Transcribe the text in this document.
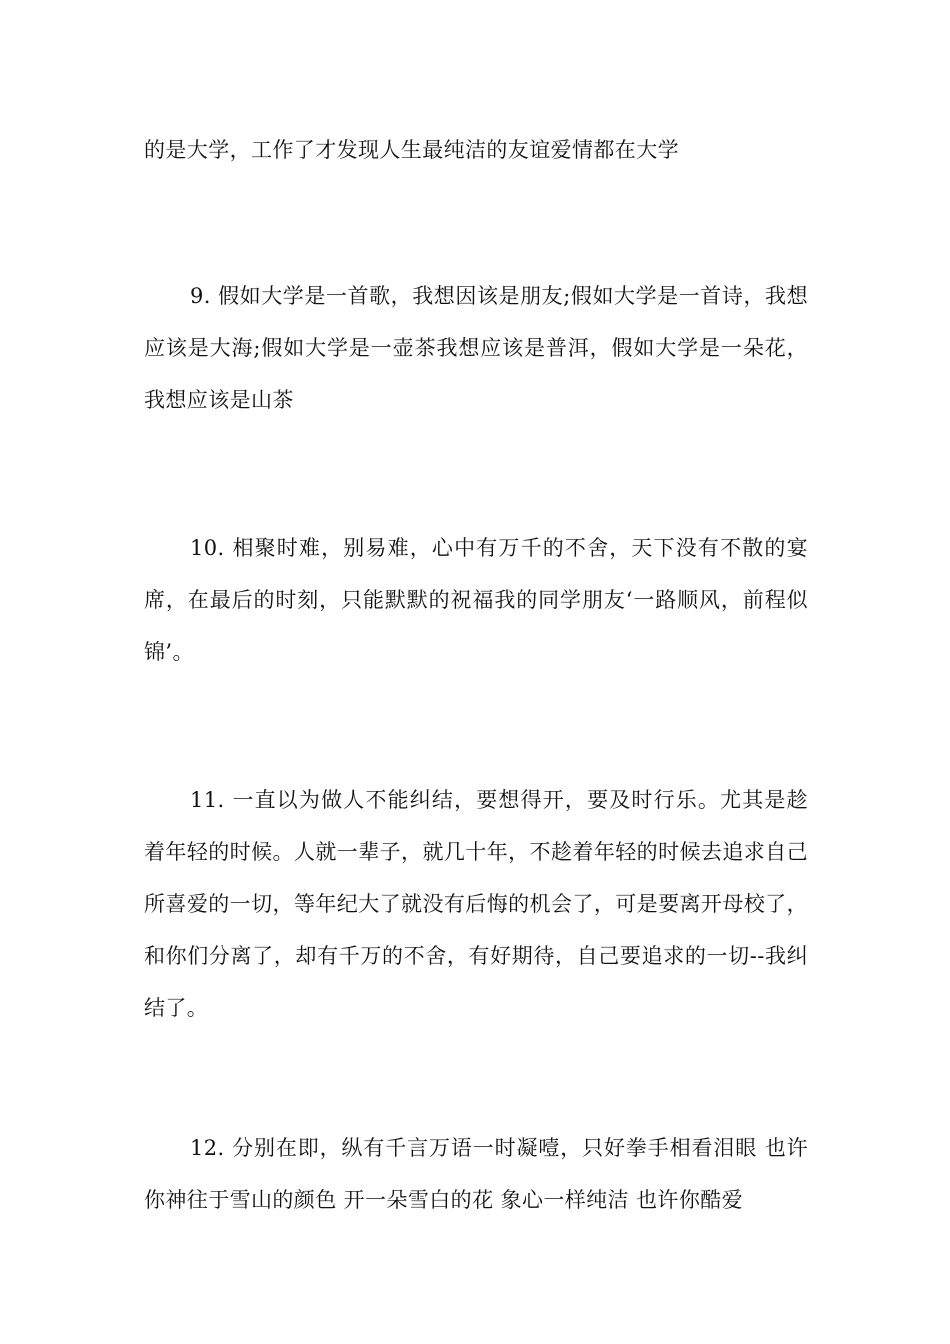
的是大学，工作了才发现人生最纯洁的友谊爱情都在大学

9. 假如大学是一首歌，我想因该是朋友;假如大学是一首诗，我想应该是大海;假如大学是一壶茶我想应该是普洱，假如大学是一朵花，我想应该是山茶

10. 相聚时难，别易难，心中有万千的不舍，天下没有不散的宴席，在最后的时刻，只能默默的祝福我的同学朋友‘一路顺风，前程似锦’。

11. 一直以为做人不能纠结，要想得开，要及时行乐。尤其是趁着年轻的时候。人就一辈子，就几十年，不趁着年轻的时候去追求自己所喜爱的一切，等年纪大了就没有后悔的机会了，可是要离开母校了，和你们分离了，却有千万的不舍，有好期待，自己要追求的一切--我纠结了。

12. 分别在即，纵有千言万语一时凝噎，只好拳手相看泪眼 也许你神往于雪山的颜色 开一朵雪白的花 象心一样纯洁 也许你酷爱
